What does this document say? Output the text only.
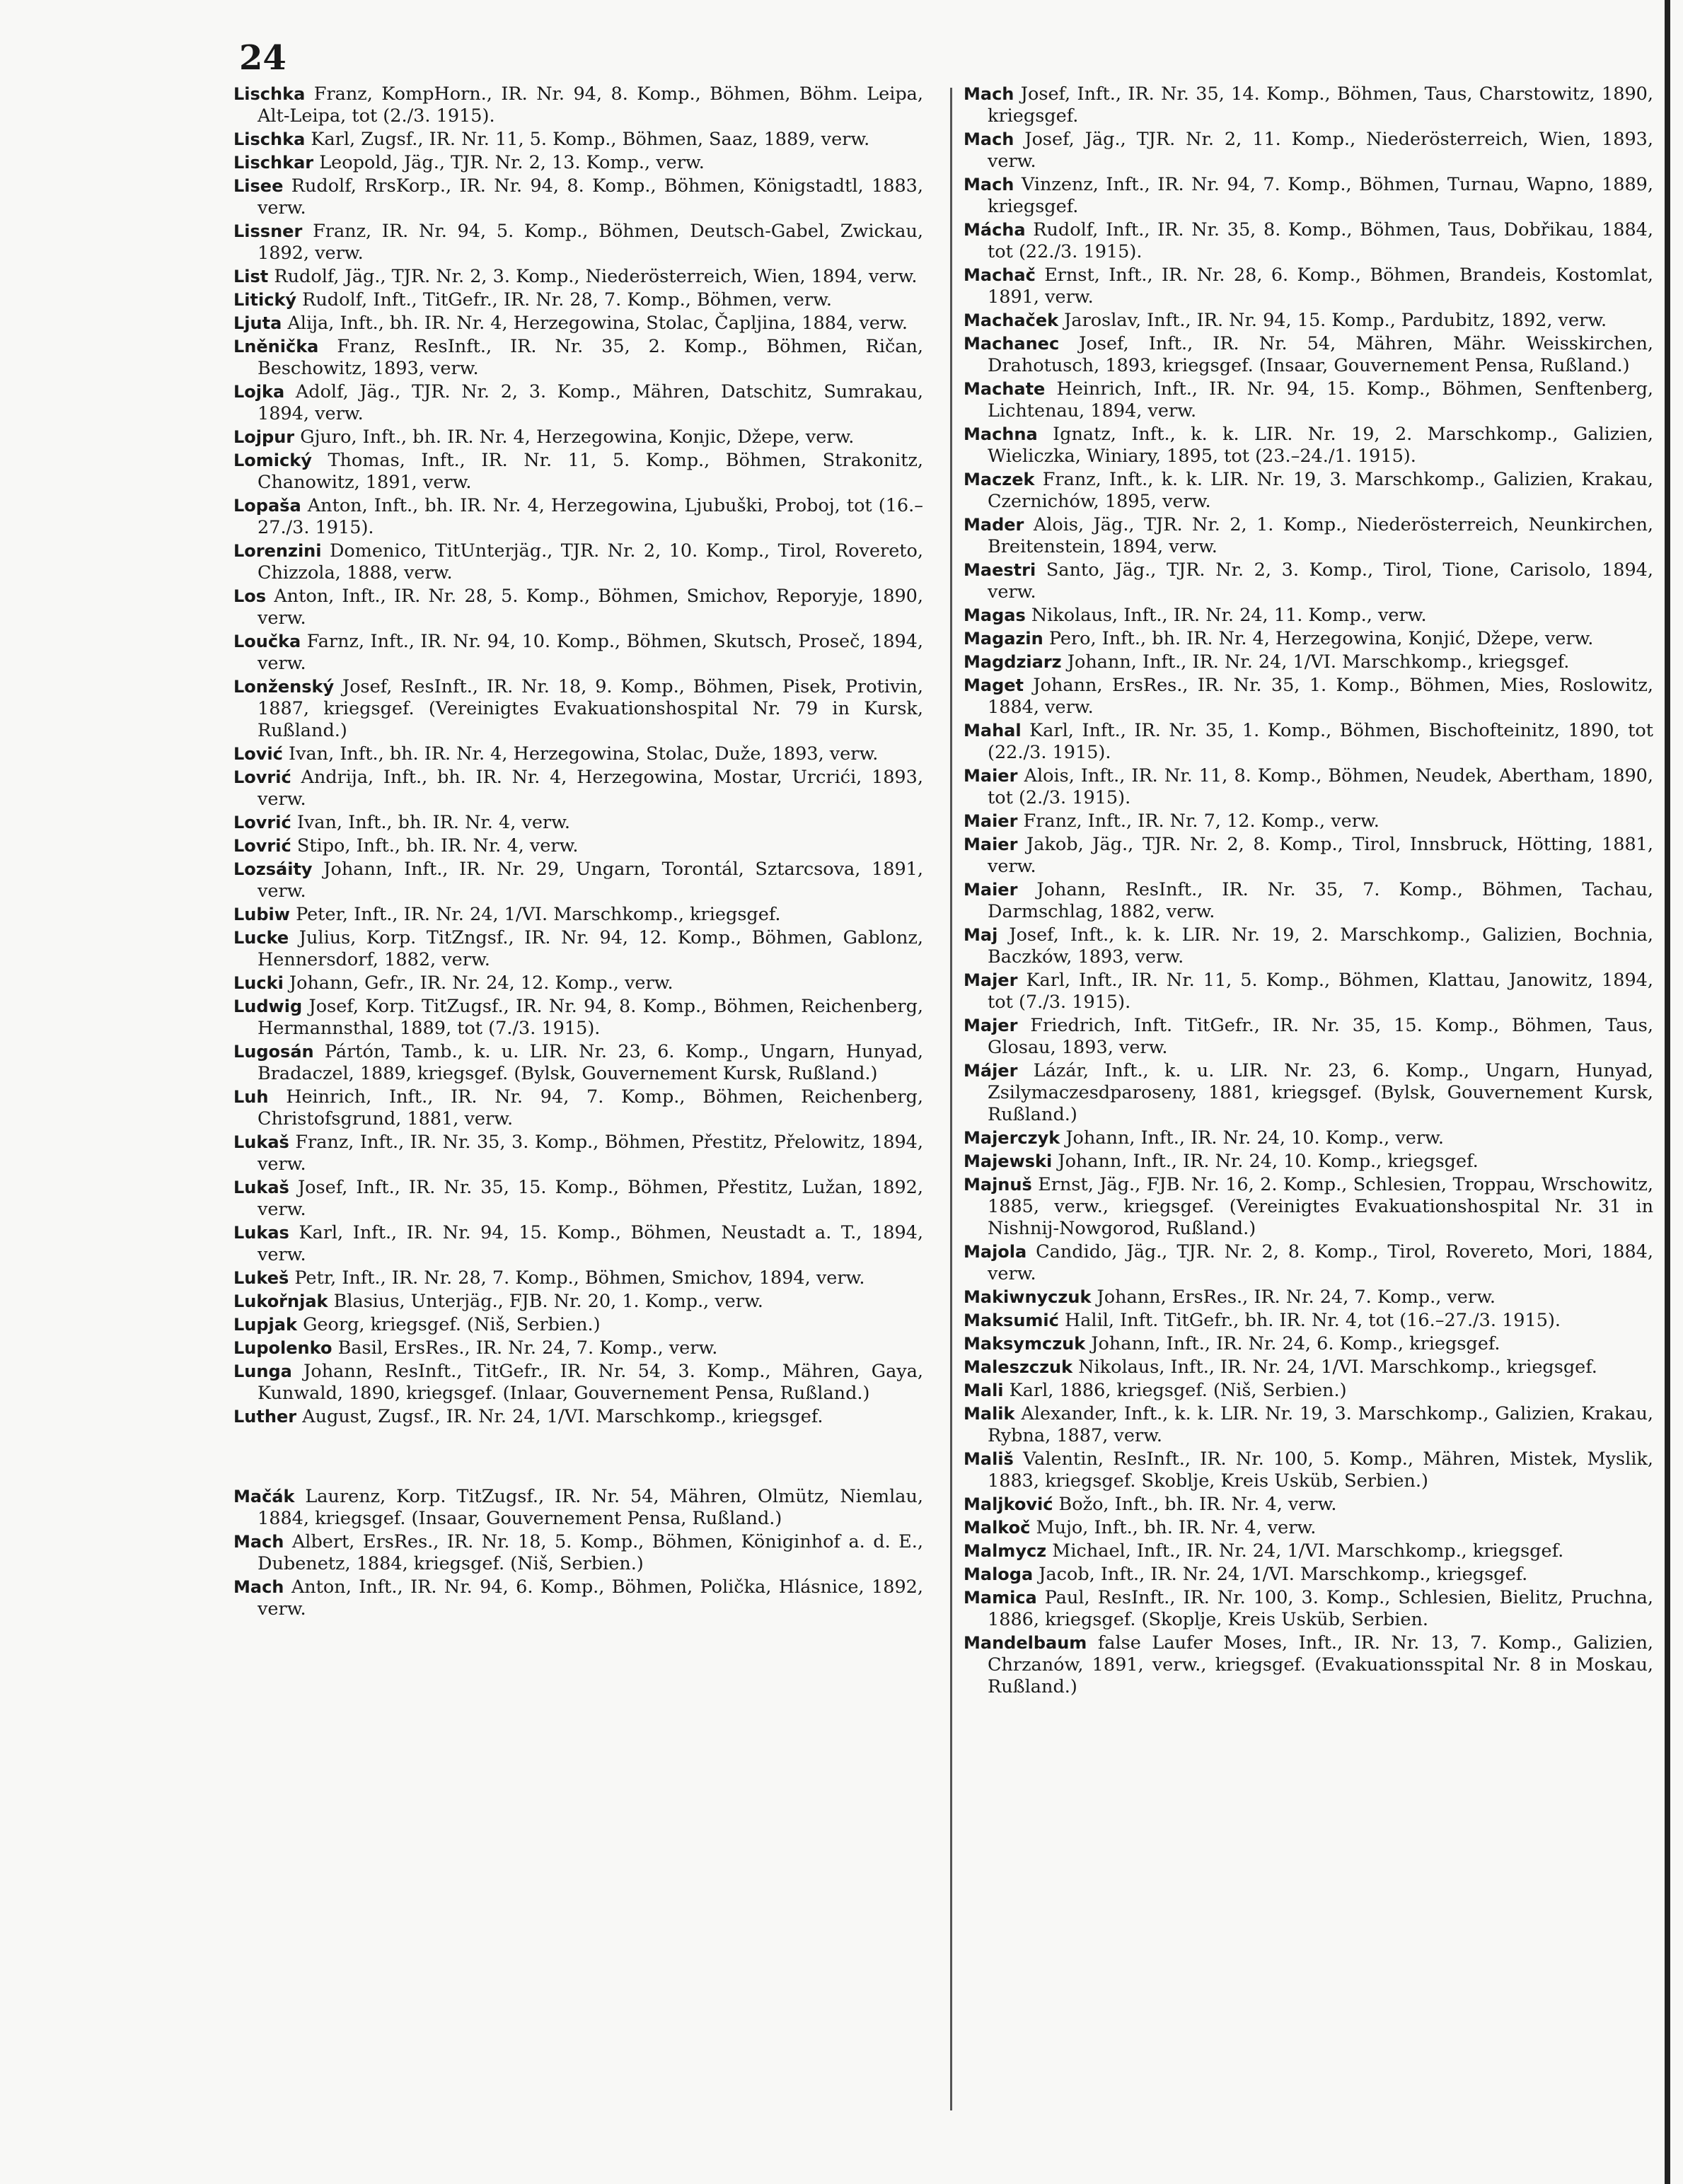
24

Lischka Franz, KompHorn., IR. Nr. 94, 8. Komp., Böhmen, Böhm. Leipa, Alt-Leipa, tot (2./3. 1915).

Lischka Karl, Zugsf., IR. Nr. 11, 5. Komp., Böhmen, Saaz, 1889, verw.

Lischkar Leopold, Jäg., TJR. Nr. 2, 13. Komp., verw.

Lisee Rudolf, RrsKorp., IR. Nr. 94, 8. Komp., Böhmen, Königstadtl, 1883, verw.

Lissner Franz, IR. Nr. 94, 5. Komp., Böhmen, Deutsch-Gabel, Zwickau, 1892, verw.

List Rudolf, Jäg., TJR. Nr. 2, 3. Komp., Niederösterreich, Wien, 1894, verw.

Litický Rudolf, Inft., TitGefr., IR. Nr. 28, 7. Komp., Böhmen, verw.

Ljuta Alija, Inft., bh. IR. Nr. 4, Herzegowina, Stolac, Čapljina, 1884, verw.

Lněnička Franz, ResInft., IR. Nr. 35, 2. Komp., Böhmen, Ričan, Beschowitz, 1893, verw.

Lojka Adolf, Jäg., TJR. Nr. 2, 3. Komp., Mähren, Datschitz, Sumrakau, 1894, verw.

Lojpur Gjuro, Inft., bh. IR. Nr. 4, Herzegowina, Konjic, Džepe, verw.

Lomický Thomas, Inft., IR. Nr. 11, 5. Komp., Böhmen, Strakonitz, Chanowitz, 1891, verw.

Lopaša Anton, Inft., bh. IR. Nr. 4, Herzegowina, Ljubuški, Proboj, tot (16.–27./3. 1915).

Lorenzini Domenico, TitUnterjäg., TJR. Nr. 2, 10. Komp., Tirol, Rovereto, Chizzola, 1888, verw.

Los Anton, Inft., IR. Nr. 28, 5. Komp., Böhmen, Smichov, Reporyje, 1890, verw.

Loučka Farnz, Inft., IR. Nr. 94, 10. Komp., Böhmen, Skutsch, Proseč, 1894, verw.

Lonženský Josef, ResInft., IR. Nr. 18, 9. Komp., Böhmen, Pisek, Protivin, 1887, kriegsgef. (Vereinigtes Evakuationshospital Nr. 79 in Kursk, Rußland.)

Lović Ivan, Inft., bh. IR. Nr. 4, Herzegowina, Stolac, Duže, 1893, verw.

Lovrić Andrija, Inft., bh. IR. Nr. 4, Herzegowina, Mostar, Urcrići, 1893, verw.

Lovrić Ivan, Inft., bh. IR. Nr. 4, verw.

Lovrić Stipo, Inft., bh. IR. Nr. 4, verw.

Lozsáity Johann, Inft., IR. Nr. 29, Ungarn, Torontál, Sztarcsova, 1891, verw.

Lubiw Peter, Inft., IR. Nr. 24, 1/VI. Marschkomp., kriegsgef.

Lucke Julius, Korp. TitZngsf., IR. Nr. 94, 12. Komp., Böhmen, Gablonz, Hennersdorf, 1882, verw.

Lucki Johann, Gefr., IR. Nr. 24, 12. Komp., verw.

Ludwig Josef, Korp. TitZugsf., IR. Nr. 94, 8. Komp., Böhmen, Reichenberg, Hermannsthal, 1889, tot (7./3. 1915).

Lugosán Pártón, Tamb., k. u. LIR. Nr. 23, 6. Komp., Ungarn, Hunyad, Bradaczel, 1889, kriegsgef. (Bylsk, Gouvernement Kursk, Rußland.)

Luh Heinrich, Inft., IR. Nr. 94, 7. Komp., Böhmen, Reichenberg, Christofsgrund, 1881, verw.

Lukaš Franz, Inft., IR. Nr. 35, 3. Komp., Böhmen, Přestitz, Přelowitz, 1894, verw.

Lukaš Josef, Inft., IR. Nr. 35, 15. Komp., Böhmen, Přestitz, Lužan, 1892, verw.

Lukas Karl, Inft., IR. Nr. 94, 15. Komp., Böhmen, Neustadt a. T., 1894, verw.

Lukeš Petr, Inft., IR. Nr. 28, 7. Komp., Böhmen, Smichov, 1894, verw.

Lukořnjak Blasius, Unterjäg., FJB. Nr. 20, 1. Komp., verw.

Lupjak Georg, kriegsgef. (Niš, Serbien.)

Lupolenko Basil, ErsRes., IR. Nr. 24, 7. Komp., verw.

Lunga Johann, ResInft., TitGefr., IR. Nr. 54, 3. Komp., Mähren, Gaya, Kunwald, 1890, kriegsgef. (Inlaar, Gouvernement Pensa, Rußland.)

Luther August, Zugsf., IR. Nr. 24, 1/VI. Marschkomp., kriegsgef.

Mačák Laurenz, Korp. TitZugsf., IR. Nr. 54, Mähren, Olmütz, Niemlau, 1884, kriegsgef. (Insaar, Gouvernement Pensa, Rußland.)

Mach Albert, ErsRes., IR. Nr. 18, 5. Komp., Böhmen, Königinhof a. d. E., Dubenetz, 1884, kriegsgef. (Niš, Serbien.)

Mach Anton, Inft., IR. Nr. 94, 6. Komp., Böhmen, Polička, Hlásnice, 1892, verw.

Mach Josef, Inft., IR. Nr. 35, 14. Komp., Böhmen, Taus, Charstowitz, 1890, kriegsgef.

Mach Josef, Jäg., TJR. Nr. 2, 11. Komp., Niederösterreich, Wien, 1893, verw.

Mach Vinzenz, Inft., IR. Nr. 94, 7. Komp., Böhmen, Turnau, Wapno, 1889, kriegsgef.

Mácha Rudolf, Inft., IR. Nr. 35, 8. Komp., Böhmen, Taus, Dobřikau, 1884, tot (22./3. 1915).

Machač Ernst, Inft., IR. Nr. 28, 6. Komp., Böhmen, Brandeis, Kostomlat, 1891, verw.

Machaček Jaroslav, Inft., IR. Nr. 94, 15. Komp., Pardubitz, 1892, verw.

Machanec Josef, Inft., IR. Nr. 54, Mähren, Mähr. Weisskirchen, Drahotusch, 1893, kriegsgef. (Insaar, Gouvernement Pensa, Rußland.)

Machate Heinrich, Inft., IR. Nr. 94, 15. Komp., Böhmen, Senftenberg, Lichtenau, 1894, verw.

Machna Ignatz, Inft., k. k. LIR. Nr. 19, 2. Marschkomp., Galizien, Wieliczka, Winiary, 1895, tot (23.–24./1. 1915).

Maczek Franz, Inft., k. k. LIR. Nr. 19, 3. Marschkomp., Galizien, Krakau, Czernichów, 1895, verw.

Mader Alois, Jäg., TJR. Nr. 2, 1. Komp., Niederösterreich, Neunkirchen, Breitenstein, 1894, verw.

Maestri Santo, Jäg., TJR. Nr. 2, 3. Komp., Tirol, Tione, Carisolo, 1894, verw.

Magas Nikolaus, Inft., IR. Nr. 24, 11. Komp., verw.

Magazin Pero, Inft., bh. IR. Nr. 4, Herzegowina, Konjić, Džepe, verw.

Magdziarz Johann, Inft., IR. Nr. 24, 1/VI. Marschkomp., kriegsgef.

Maget Johann, ErsRes., IR. Nr. 35, 1. Komp., Böhmen, Mies, Roslowitz, 1884, verw.

Mahal Karl, Inft., IR. Nr. 35, 1. Komp., Böhmen, Bischofteinitz, 1890, tot (22./3. 1915).

Maier Alois, Inft., IR. Nr. 11, 8. Komp., Böhmen, Neudek, Abertham, 1890, tot (2./3. 1915).

Maier Franz, Inft., IR. Nr. 7, 12. Komp., verw.

Maier Jakob, Jäg., TJR. Nr. 2, 8. Komp., Tirol, Innsbruck, Hötting, 1881, verw.

Maier Johann, ResInft., IR. Nr. 35, 7. Komp., Böhmen, Tachau, Darmschlag, 1882, verw.

Maj Josef, Inft., k. k. LIR. Nr. 19, 2. Marschkomp., Galizien, Bochnia, Baczków, 1893, verw.

Majer Karl, Inft., IR. Nr. 11, 5. Komp., Böhmen, Klattau, Janowitz, 1894, tot (7./3. 1915).

Majer Friedrich, Inft. TitGefr., IR. Nr. 35, 15. Komp., Böhmen, Taus, Glosau, 1893, verw.

Májer Lázár, Inft., k. u. LIR. Nr. 23, 6. Komp., Ungarn, Hunyad, Zsilymaczesdparoseny, 1881, kriegsgef. (Bylsk, Gouvernement Kursk, Rußland.)

Majerczyk Johann, Inft., IR. Nr. 24, 10. Komp., verw.

Majewski Johann, Inft., IR. Nr. 24, 10. Komp., kriegsgef.

Majnuš Ernst, Jäg., FJB. Nr. 16, 2. Komp., Schlesien, Troppau, Wrschowitz, 1885, verw., kriegsgef. (Vereinigtes Evakuationshospital Nr. 31 in Nishnij-Nowgorod, Rußland.)

Majola Candido, Jäg., TJR. Nr. 2, 8. Komp., Tirol, Rovereto, Mori, 1884, verw.

Makiwnyczuk Johann, ErsRes., IR. Nr. 24, 7. Komp., verw.

Maksumić Halil, Inft. TitGefr., bh. IR. Nr. 4, tot (16.–27./3. 1915).

Maksymczuk Johann, Inft., IR. Nr. 24, 6. Komp., kriegsgef.

Maleszczuk Nikolaus, Inft., IR. Nr. 24, 1/VI. Marschkomp., kriegsgef.

Mali Karl, 1886, kriegsgef. (Niš, Serbien.)

Malik Alexander, Inft., k. k. LIR. Nr. 19, 3. Marschkomp., Galizien, Krakau, Rybna, 1887, verw.

Mališ Valentin, ResInft., IR. Nr. 100, 5. Komp., Mähren, Mistek, Myslik, 1883, kriegsgef. Skoblje, Kreis Usküb, Serbien.)

Maljković Božo, Inft., bh. IR. Nr. 4, verw.

Malkoč Mujo, Inft., bh. IR. Nr. 4, verw.

Malmycz Michael, Inft., IR. Nr. 24, 1/VI. Marschkomp., kriegsgef.

Maloga Jacob, Inft., IR. Nr. 24, 1/VI. Marschkomp., kriegsgef.

Mamica Paul, ResInft., IR. Nr. 100, 3. Komp., Schlesien, Bielitz, Pruchna, 1886, kriegsgef. (Skoplje, Kreis Usküb, Serbien.

Mandelbaum false Laufer Moses, Inft., IR. Nr. 13, 7. Komp., Galizien, Chrzanów, 1891, verw., kriegsgef. (Evakuationsspital Nr. 8 in Moskau, Rußland.)
